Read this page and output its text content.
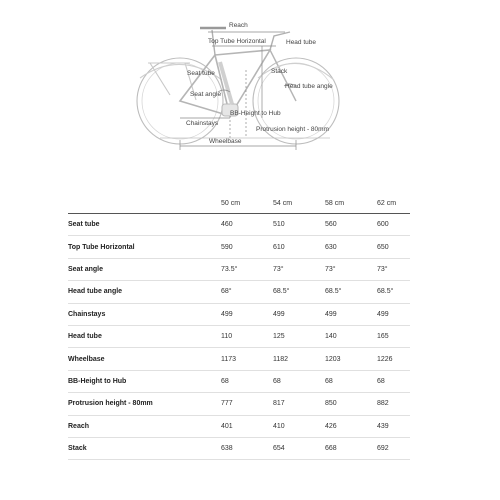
Reach
Top Tube Horizontal	Head tube
Seat tube	Stack
Head tube angle
Seat angle
BB-Height to Hub
Chainstays
Protrusion height - 80mm
Wheelbase
	50 cm	54 cm	58 cm	62 cm
Seat tube	460	510	560	600
Top Tube Horizontal	590	610	630	650
Seat angle	73.5°	73°	73°	73°
Head tube angle	68°	68.5°	68.5°	68.5°
Chainstays	499	499	499	499
Head tube	110	125	140	165
Wheelbase	1173	1182	1203	1226
BB-Height to Hub	68	68	68	68
Protrusion height - 80mm	777	817	850	882
Reach	401	410	426	439
Stack	638	654	668	692
